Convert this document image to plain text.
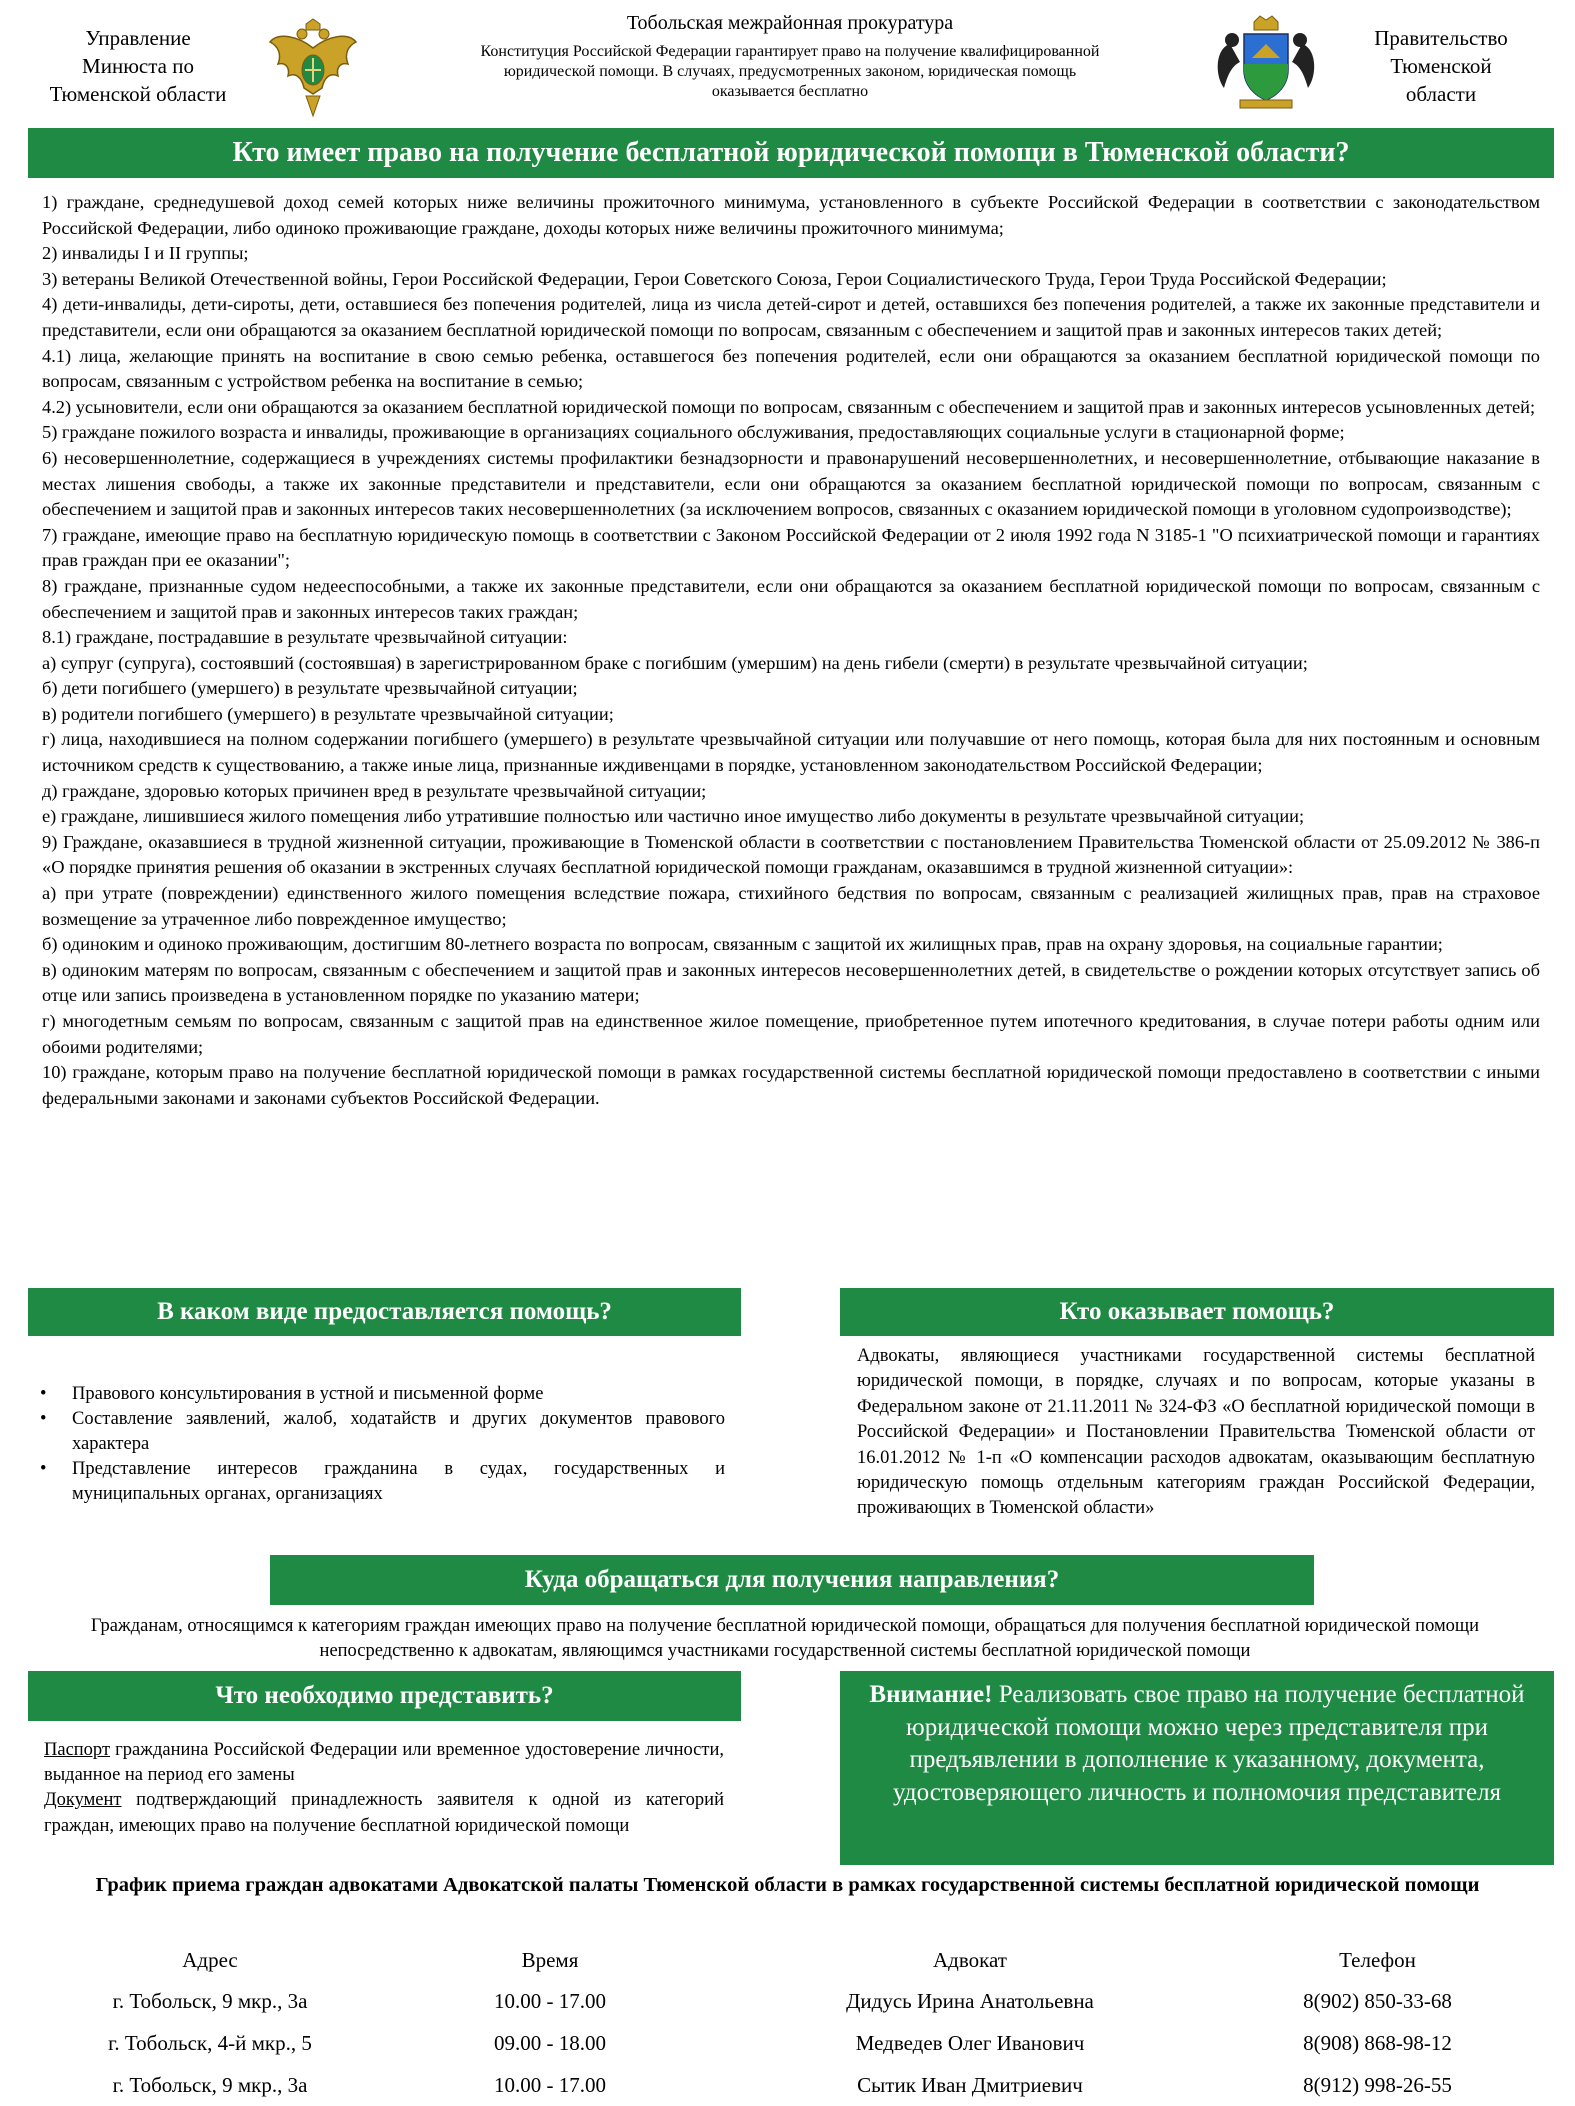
Управление
Минюста по
Тюменской области
Тобольская межрайонная прокуратура
Конституция Российской Федерации гарантирует право на получение квалифицированной
юридической помощи. В случаях, предусмотренных законом, юридическая помощь
оказывается бесплатно
Правительство
Тюменской
области
Кто имеет право на получение бесплатной юридической помощи в Тюменской области?

1) граждане, среднедушевой доход семей которых ниже величины прожиточного минимума, установленного в субъекте Российской Федерации в соответствии с законодательством Российской Федерации, либо одиноко проживающие граждане, доходы которых ниже величины прожиточного минимума;

2) инвалиды I и II группы;

3) ветераны Великой Отечественной войны, Герои Российской Федерации, Герои Советского Союза, Герои Социалистического Труда, Герои Труда Российской Федерации;

4) дети-инвалиды, дети-сироты, дети, оставшиеся без попечения родителей, лица из числа детей-сирот и детей, оставшихся без попечения родителей, а также их законные представители и представители, если они обращаются за оказанием бесплатной юридической помощи по вопросам, связанным с обеспечением и защитой прав и законных интересов таких детей;

4.1) лица, желающие принять на воспитание в свою семью ребенка, оставшегося без попечения родителей, если они обращаются за оказанием бесплатной юридической помощи по вопросам, связанным с устройством ребенка на воспитание в семью;

4.2) усыновители, если они обращаются за оказанием бесплатной юридической помощи по вопросам, связанным с обеспечением и защитой прав и законных интересов усыновленных детей;

5) граждане пожилого возраста и инвалиды, проживающие в организациях социального обслуживания, предоставляющих социальные услуги в стационарной форме;

6) несовершеннолетние, содержащиеся в учреждениях системы профилактики безнадзорности и правонарушений несовершеннолетних, и несовершеннолетние, отбывающие наказание в местах лишения свободы, а также их законные представители и представители, если они обращаются за оказанием бесплатной юридической помощи по вопросам, связанным с обеспечением и защитой прав и законных интересов таких несовершеннолетних (за исключением вопросов, связанных с оказанием юридической помощи в уголовном судопроизводстве);

7) граждане, имеющие право на бесплатную юридическую помощь в соответствии с Законом Российской Федерации от 2 июля 1992 года N 3185-1 "О психиатрической помощи и гарантиях прав граждан при ее оказании";

8) граждане, признанные судом недееспособными, а также их законные представители, если они обращаются за оказанием бесплатной юридической помощи по вопросам, связанным с обеспечением и защитой прав и законных интересов таких граждан;

8.1) граждане, пострадавшие в результате чрезвычайной ситуации:

а) супруг (супруга), состоявший (состоявшая) в зарегистрированном браке с погибшим (умершим) на день гибели (смерти) в результате чрезвычайной ситуации;

б) дети погибшего (умершего) в результате чрезвычайной ситуации;

в) родители погибшего (умершего) в результате чрезвычайной ситуации;

г) лица, находившиеся на полном содержании погибшего (умершего) в результате чрезвычайной ситуации или получавшие от него помощь, которая была для них постоянным и основным источником средств к существованию, а также иные лица, признанные иждивенцами в порядке, установленном законодательством Российской Федерации;

д) граждане, здоровью которых причинен вред в результате чрезвычайной ситуации;

е) граждане, лишившиеся жилого помещения либо утратившие полностью или частично иное имущество либо документы в результате чрезвычайной ситуации;

9) Граждане, оказавшиеся в трудной жизненной ситуации, проживающие в Тюменской области в соответствии с постановлением Правительства Тюменской области от 25.09.2012 № 386-п «О порядке принятия решения об оказании в экстренных случаях бесплатной юридической помощи гражданам, оказавшимся в трудной жизненной ситуации»:

а) при утрате (повреждении) единственного жилого помещения вследствие пожара, стихийного бедствия по вопросам, связанным с реализацией жилищных прав, прав на страховое возмещение за утраченное либо поврежденное имущество;

б) одиноким и одиноко проживающим, достигшим 80-летнего возраста по вопросам, связанным с защитой их жилищных прав, прав на охрану здоровья, на социальные гарантии;

в) одиноким матерям по вопросам, связанным с обеспечением и защитой прав и законных интересов несовершеннолетних детей, в свидетельстве о рождении которых отсутствует запись об отце или запись произведена в установленном порядке по указанию матери;

г) многодетным семьям по вопросам, связанным с защитой прав на единственное жилое помещение, приобретенное путем ипотечного кредитования, в случае потери работы одним или обоими родителями;

10) граждане, которым право на получение бесплатной юридической помощи в рамках государственной системы бесплатной юридической помощи предоставлено в соответствии с иными федеральными законами и законами субъектов Российской Федерации.

В каком виде предоставляется помощь?
• Правового консультирования в устной и письменной форме
• Составление заявлений, жалоб, ходатайств и других документов правового характера
• Представление интересов гражданина в судах, государственных и муниципальных органах, организациях
Кто оказывает помощь?

Адвокаты, являющиеся участниками государственной системы бесплатной юридической помощи, в порядке, случаях и по вопросам, которые указаны в Федеральном законе от 21.11.2011 № 324-ФЗ «О бесплатной юридической помощи в Российской Федерации» и Постановлении Правительства Тюменской области от 16.01.2012 № 1-п «О компенсации расходов адвокатам, оказывающим бесплатную юридическую помощь отдельным категориям граждан Российской Федерации, проживающих в Тюменской области»

Куда обращаться для получения направления?

Гражданам, относящимся к категориям граждан имеющих право на получение бесплатной юридической помощи, обращаться для получения бесплатной юридической помощи непосредственно к адвокатам, являющимся участниками государственной системы бесплатной юридической помощи

Что необходимо представить?

Паспорт гражданина Российской Федерации или временное удостоверение личности, выданное на период его замены

Документ подтверждающий принадлежность заявителя к одной из категорий граждан, имеющих право на получение бесплатной юридической помощи

Внимание! Реализовать свое право на получение бесплатной юридической помощи можно через представителя при предъявлении в дополнение к указанному, документа, удостоверяющего личность и полномочия представителя
График приема граждан адвокатами Адвокатской палаты Тюменской области в рамках государственной системы бесплатной юридической помощи
Адрес	Время	Адвокат	Телефон
г. Тобольск, 9 мкр., 3а	10.00 - 17.00	Дидусь Ирина Анатольевна	8(902) 850-33-68
г. Тобольск, 4-й мкр., 5	09.00 - 18.00	Медведев Олег Иванович	8(908) 868-98-12
г. Тобольск, 9 мкр., 3а	10.00 - 17.00	Сытик Иван Дмитриевич	8(912) 998-26-55
